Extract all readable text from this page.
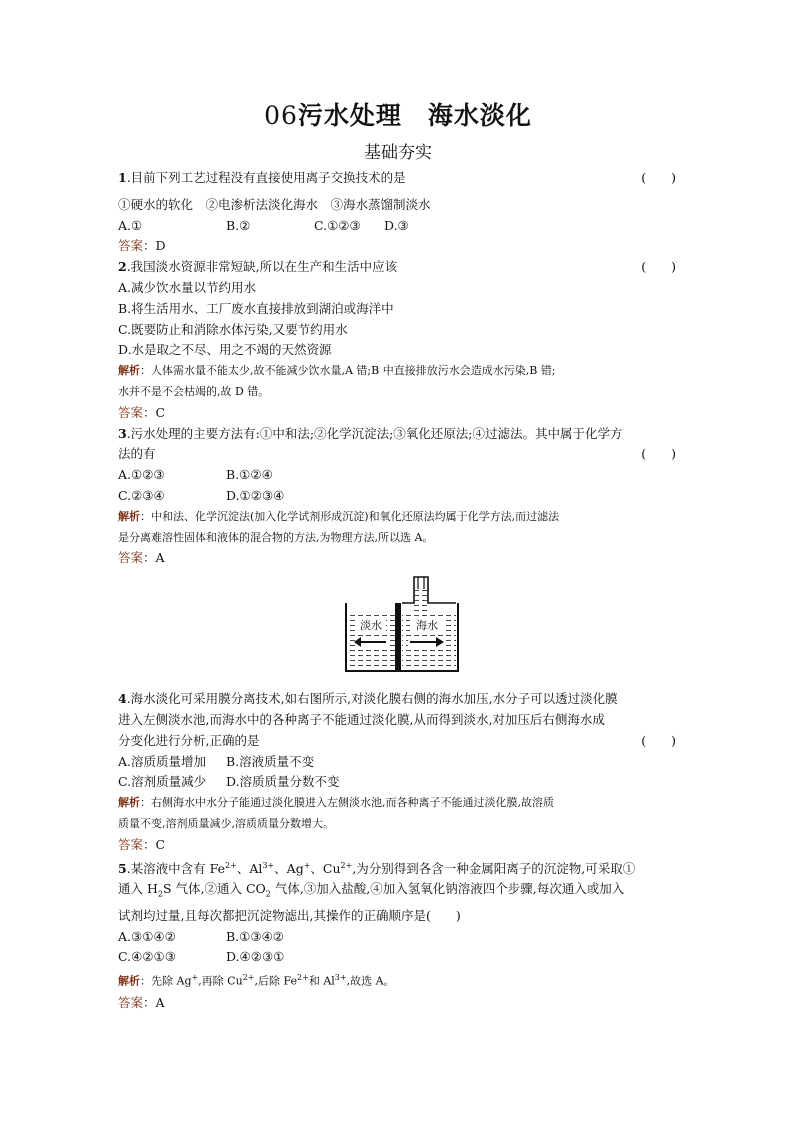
06污水处理　海水淡化
基础夯实
1.目前下列工艺过程没有直接使用离子交换技术的是	(　　)
①硬水的软化　②电渗析法淡化海水　③海水蒸馏制淡水
A.①	B.②	C.①②③	D.③
答案：D
2.我国淡水资源非常短缺,所以在生产和生活中应该	(　　)
A.减少饮水量以节约用水
B.将生活用水、工厂废水直接排放到湖泊或海洋中
C.既要防止和消除水体污染,又要节约用水
D.水是取之不尽、用之不竭的天然资源
解析：人体需水量不能太少,故不能减少饮水量,A 错;B 中直接排放污水会造成水污染,B 错;
水并不是不会枯竭的,故 D 错。
答案：C
3.污水处理的主要方法有:①中和法;②化学沉淀法;③氧化还原法;④过滤法。其中属于化学方
法的有	(　　)
A.①②③	B.①②④
C.②③④	D.①②③④
解析：中和法、化学沉淀法(加入化学试剂形成沉淀)和氧化还原法均属于化学方法,而过滤法
是分离难溶性固体和液体的混合物的方法,为物理方法,所以选 A。
答案：A
淡水	海水
4.海水淡化可采用膜分离技术,如右图所示,对淡化膜右侧的海水加压,水分子可以透过淡化膜
进入左侧淡水池,而海水中的各种离子不能通过淡化膜,从而得到淡水,对加压后右侧海水成
分变化进行分析,正确的是	(　　)
A.溶质质量增加	B.溶液质量不变
C.溶剂质量减少	D.溶质质量分数不变
解析：右侧海水中水分子能通过淡化膜进入左侧淡水池,而各种离子不能通过淡化膜,故溶质
质量不变,溶剂质量减少,溶质质量分数增大。
答案：C
5.某溶液中含有 $Fe^{2+}$、$Al^{3+}$、Ag+、$Cu^{2+}$,为分别得到各含一种金属阳离子的沉淀物,可采取①
通入 $H_2S$ 气体,②通入 $CO_2$ 气体,③加入盐酸,④加入氢氧化钠溶液四个步骤,每次通入或加入
试剂均过量,且每次都把沉淀物滤出,其操作的正确顺序是(　　)
A.③①④②	B.①③④②
C.④②①③	D.④②③①
解析：先除 Ag+,再除 $Cu^{2+}$,后除 $Fe^{2+}$和 $Al^{3+}$,故选 A。
答案：A
